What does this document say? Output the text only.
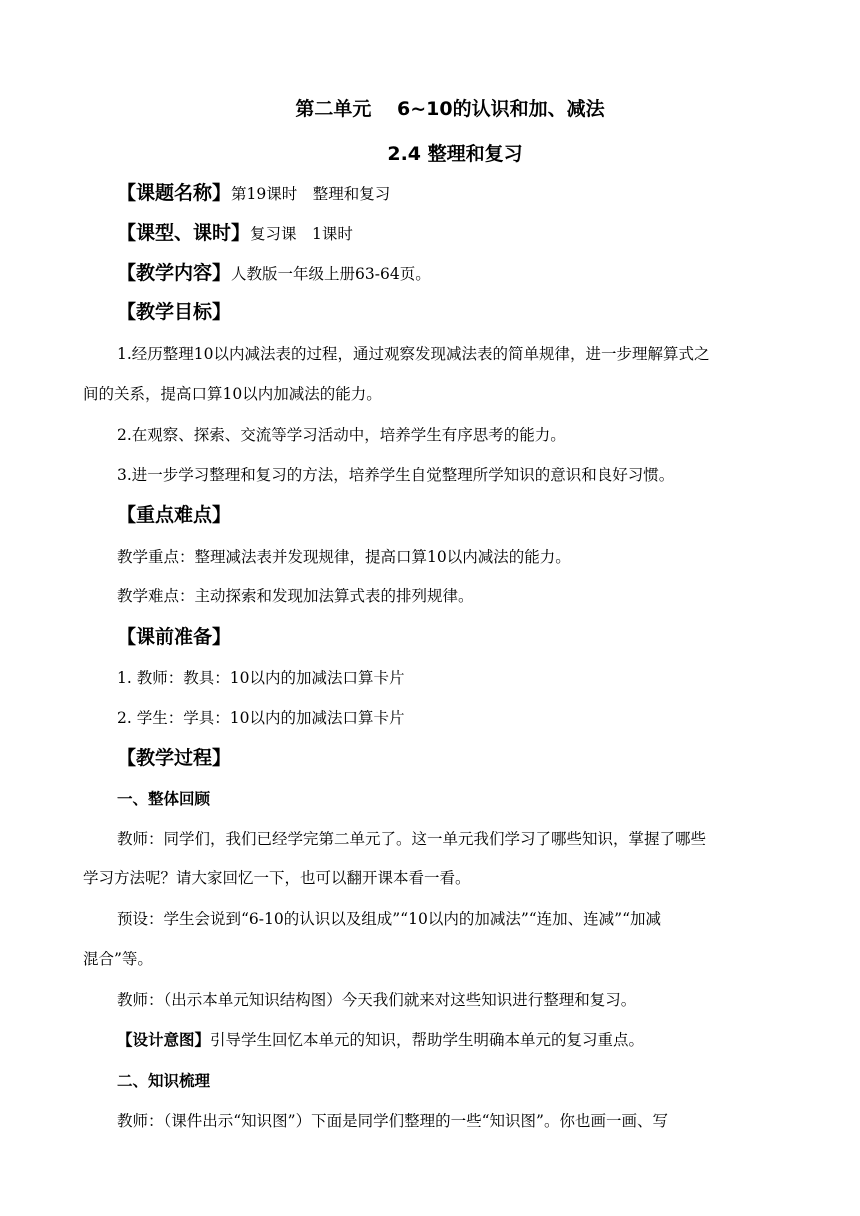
第二单元　 6~10的认识和加、减法
2.4 整理和复习
【课题名称】第19课时　整理和复习
【课型、课时】复习课　1课时
【教学内容】人教版一年级上册63-64页。
【教学目标】
1.经历整理10以内减法表的过程，通过观察发现减法表的简单规律，进一步理解算式之
间的关系，提高口算10以内加减法的能力。
2.在观察、探索、交流等学习活动中，培养学生有序思考的能力。
3.进一步学习整理和复习的方法，培养学生自觉整理所学知识的意识和良好习惯。
【重点难点】
教学重点：整理减法表并发现规律，提高口算10以内减法的能力。
教学难点：主动探索和发现加法算式表的排列规律。
【课前准备】
1. 教师：教具：10以内的加减法口算卡片
2. 学生：学具：10以内的加减法口算卡片
【教学过程】
一、整体回顾
教师：同学们，我们已经学完第二单元了。这一单元我们学习了哪些知识，掌握了哪些
学习方法呢？请大家回忆一下，也可以翻开课本看一看。
预设：学生会说到“6-10的认识以及组成”“10以内的加减法”“连加、连减”“加减
混合”等。
教师：（出示本单元知识结构图）今天我们就来对这些知识进行整理和复习。
【设计意图】引导学生回忆本单元的知识，帮助学生明确本单元的复习重点。
二、知识梳理
教师：（课件出示“知识图”）下面是同学们整理的一些“知识图”。你也画一画、写
